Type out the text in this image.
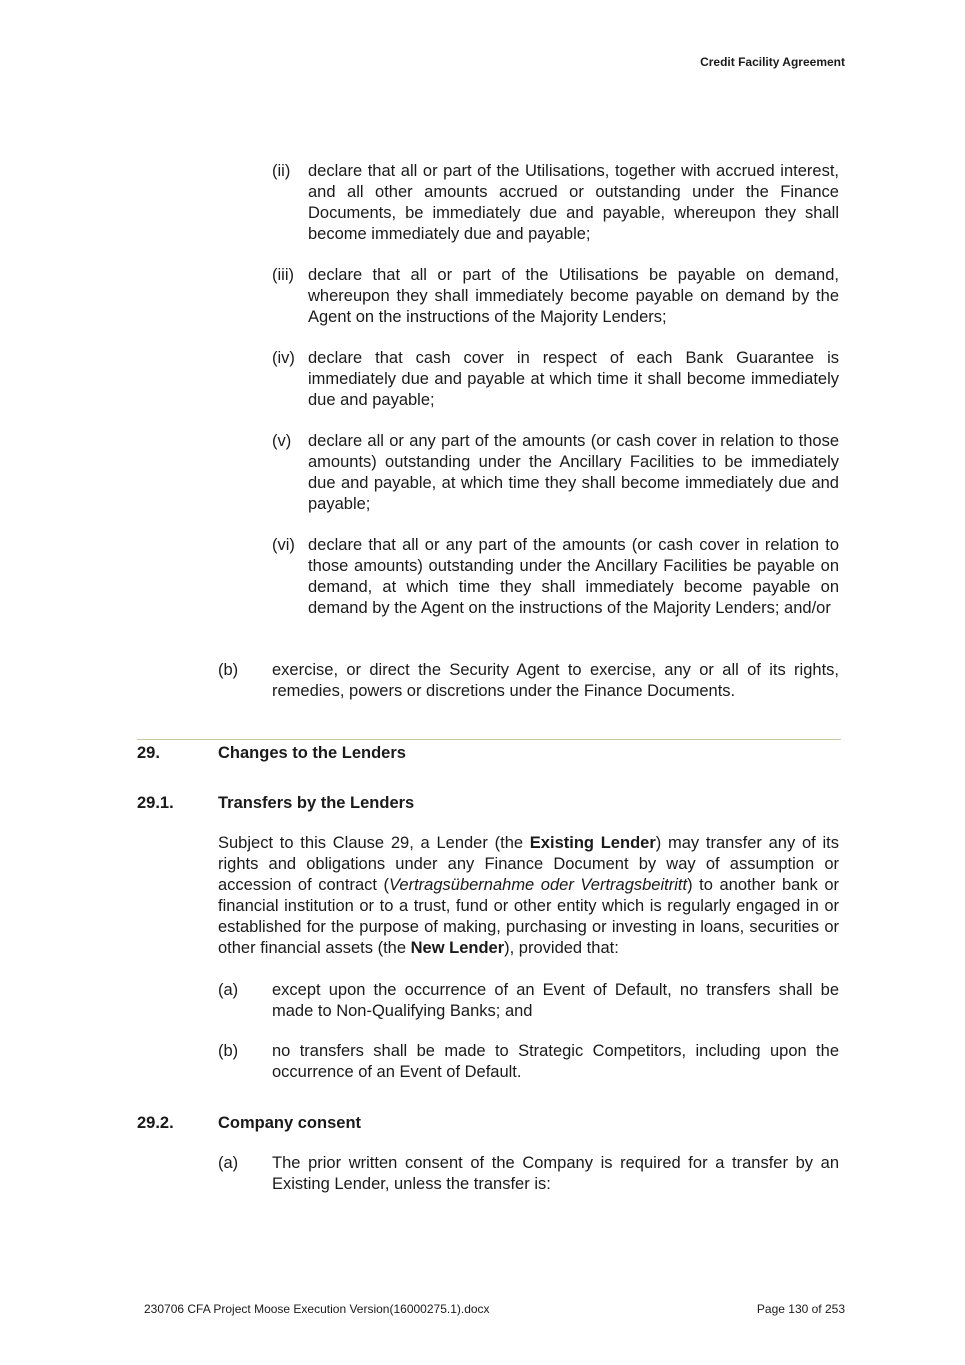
Credit Facility Agreement
(ii) declare that all or part of the Utilisations, together with accrued interest, and all other amounts accrued or outstanding under the Finance Documents, be immediately due and payable, whereupon they shall become immediately due and payable;
(iii) declare that all or part of the Utilisations be payable on demand, whereupon they shall immediately become payable on demand by the Agent on the instructions of the Majority Lenders;
(iv) declare that cash cover in respect of each Bank Guarantee is immediately due and payable at which time it shall become immediately due and payable;
(v) declare all or any part of the amounts (or cash cover in relation to those amounts) outstanding under the Ancillary Facilities to be immediately due and payable, at which time they shall become immediately due and payable;
(vi) declare that all or any part of the amounts (or cash cover in relation to those amounts) outstanding under the Ancillary Facilities be payable on demand, at which time they shall immediately become payable on demand by the Agent on the instructions of the Majority Lenders; and/or
(b) exercise, or direct the Security Agent to exercise, any or all of its rights, remedies, powers or discretions under the Finance Documents.
29.	Changes to the Lenders
29.1.	Transfers by the Lenders
Subject to this Clause 29, a Lender (the Existing Lender) may transfer any of its rights and obligations under any Finance Document by way of assumption or accession of contract (Vertragsübernahme oder Vertragsbeitritt) to another bank or financial institution or to a trust, fund or other entity which is regularly engaged in or established for the purpose of making, purchasing or investing in loans, securities or other financial assets (the New Lender), provided that:
(a) except upon the occurrence of an Event of Default, no transfers shall be made to Non-Qualifying Banks; and
(b) no transfers shall be made to Strategic Competitors, including upon the occurrence of an Event of Default.
29.2.	Company consent
(a) The prior written consent of the Company is required for a transfer by an Existing Lender, unless the transfer is:
230706 CFA Project Moose Execution Version(16000275.1).docx	Page 130 of 253
